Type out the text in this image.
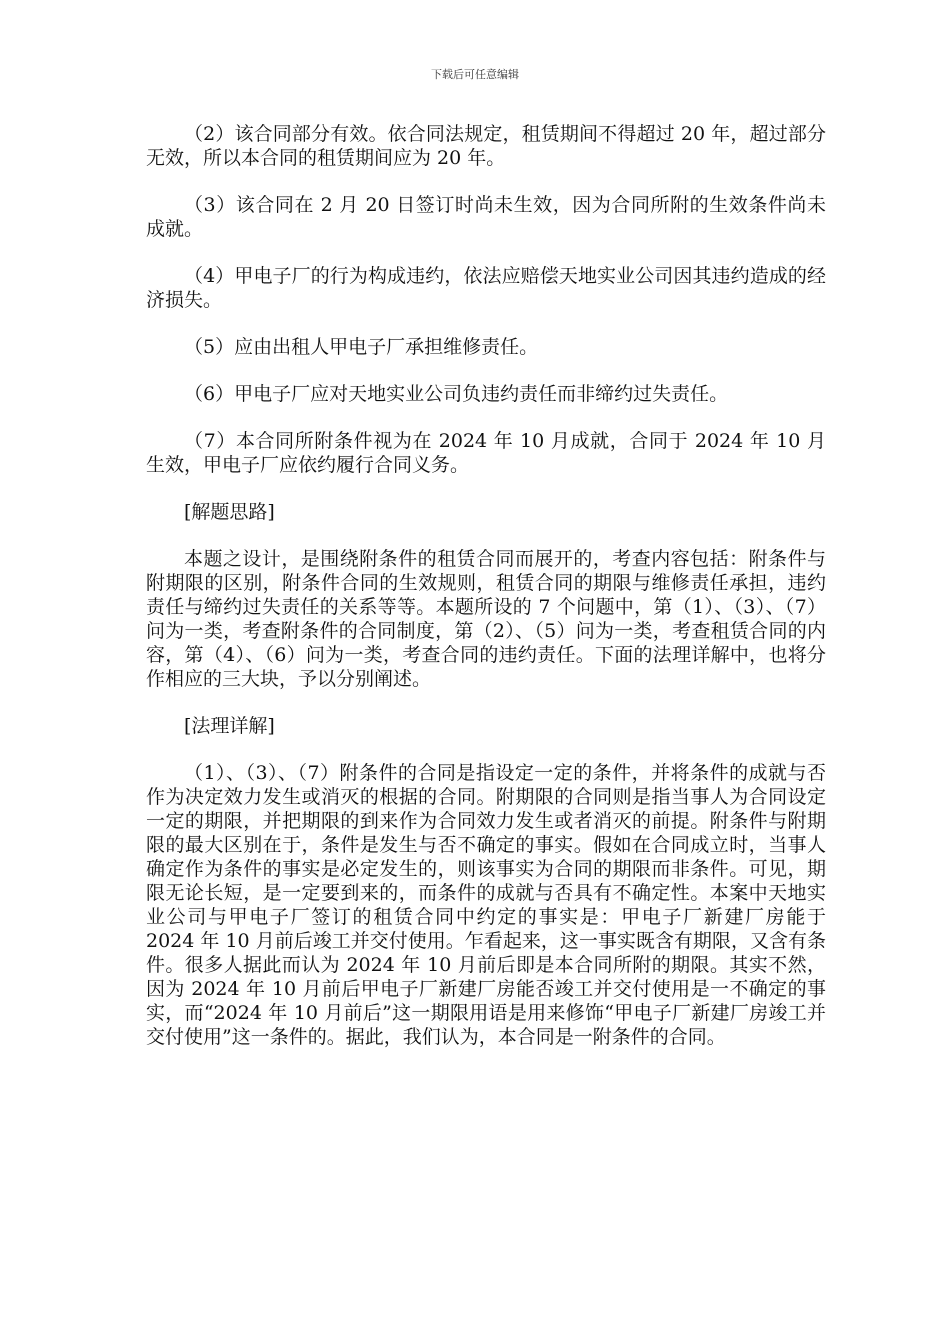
下载后可任意编辑

（2）该合同部分有效。依合同法规定，租赁期间不得超过 20 年，超过部分无效，所以本合同的租赁期间应为 20 年。

（3）该合同在 2 月 20 日签订时尚未生效，因为合同所附的生效条件尚未成就。

（4）甲电子厂的行为构成违约，依法应赔偿天地实业公司因其违约造成的经济损失。

（5）应由出租人甲电子厂承担维修责任。

（6）甲电子厂应对天地实业公司负违约责任而非缔约过失责任。

（7）本合同所附条件视为在 2024 年 10 月成就，合同于 2024 年 10 月生效，甲电子厂应依约履行合同义务。

[解题思路]

本题之设计，是围绕附条件的租赁合同而展开的，考查内容包括：附条件与附期限的区别，附条件合同的生效规则，租赁合同的期限与维修责任承担，违约责任与缔约过失责任的关系等等。本题所设的 7 个问题中，第（1）、（3）、（7）问为一类，考查附条件的合同制度，第（2）、（5）问为一类，考查租赁合同的内容，第（4）、（6）问为一类，考查合同的违约责任。下面的法理详解中，也将分作相应的三大块，予以分别阐述。

[法理详解]

（1）、（3）、（7）附条件的合同是指设定一定的条件，并将条件的成就与否作为决定效力发生或消灭的根据的合同。附期限的合同则是指当事人为合同设定一定的期限，并把期限的到来作为合同效力发生或者消灭的前提。附条件与附期限的最大区别在于，条件是发生与否不确定的事实。假如在合同成立时，当事人确定作为条件的事实是必定发生的，则该事实为合同的期限而非条件。可见，期限无论长短，是一定要到来的，而条件的成就与否具有不确定性。本案中天地实业公司与甲电子厂签订的租赁合同中约定的事实是：甲电子厂新建厂房能于 2024 年 10 月前后竣工并交付使用。乍看起来，这一事实既含有期限，又含有条件。很多人据此而认为 2024 年 10 月前后即是本合同所附的期限。其实不然，因为 2024 年 10 月前后甲电子厂新建厂房能否竣工并交付使用是一不确定的事实，而“2024 年 10 月前后”这一期限用语是用来修饰“甲电子厂新建厂房竣工并交付使用”这一条件的。据此，我们认为，本合同是一附条件的合同。
